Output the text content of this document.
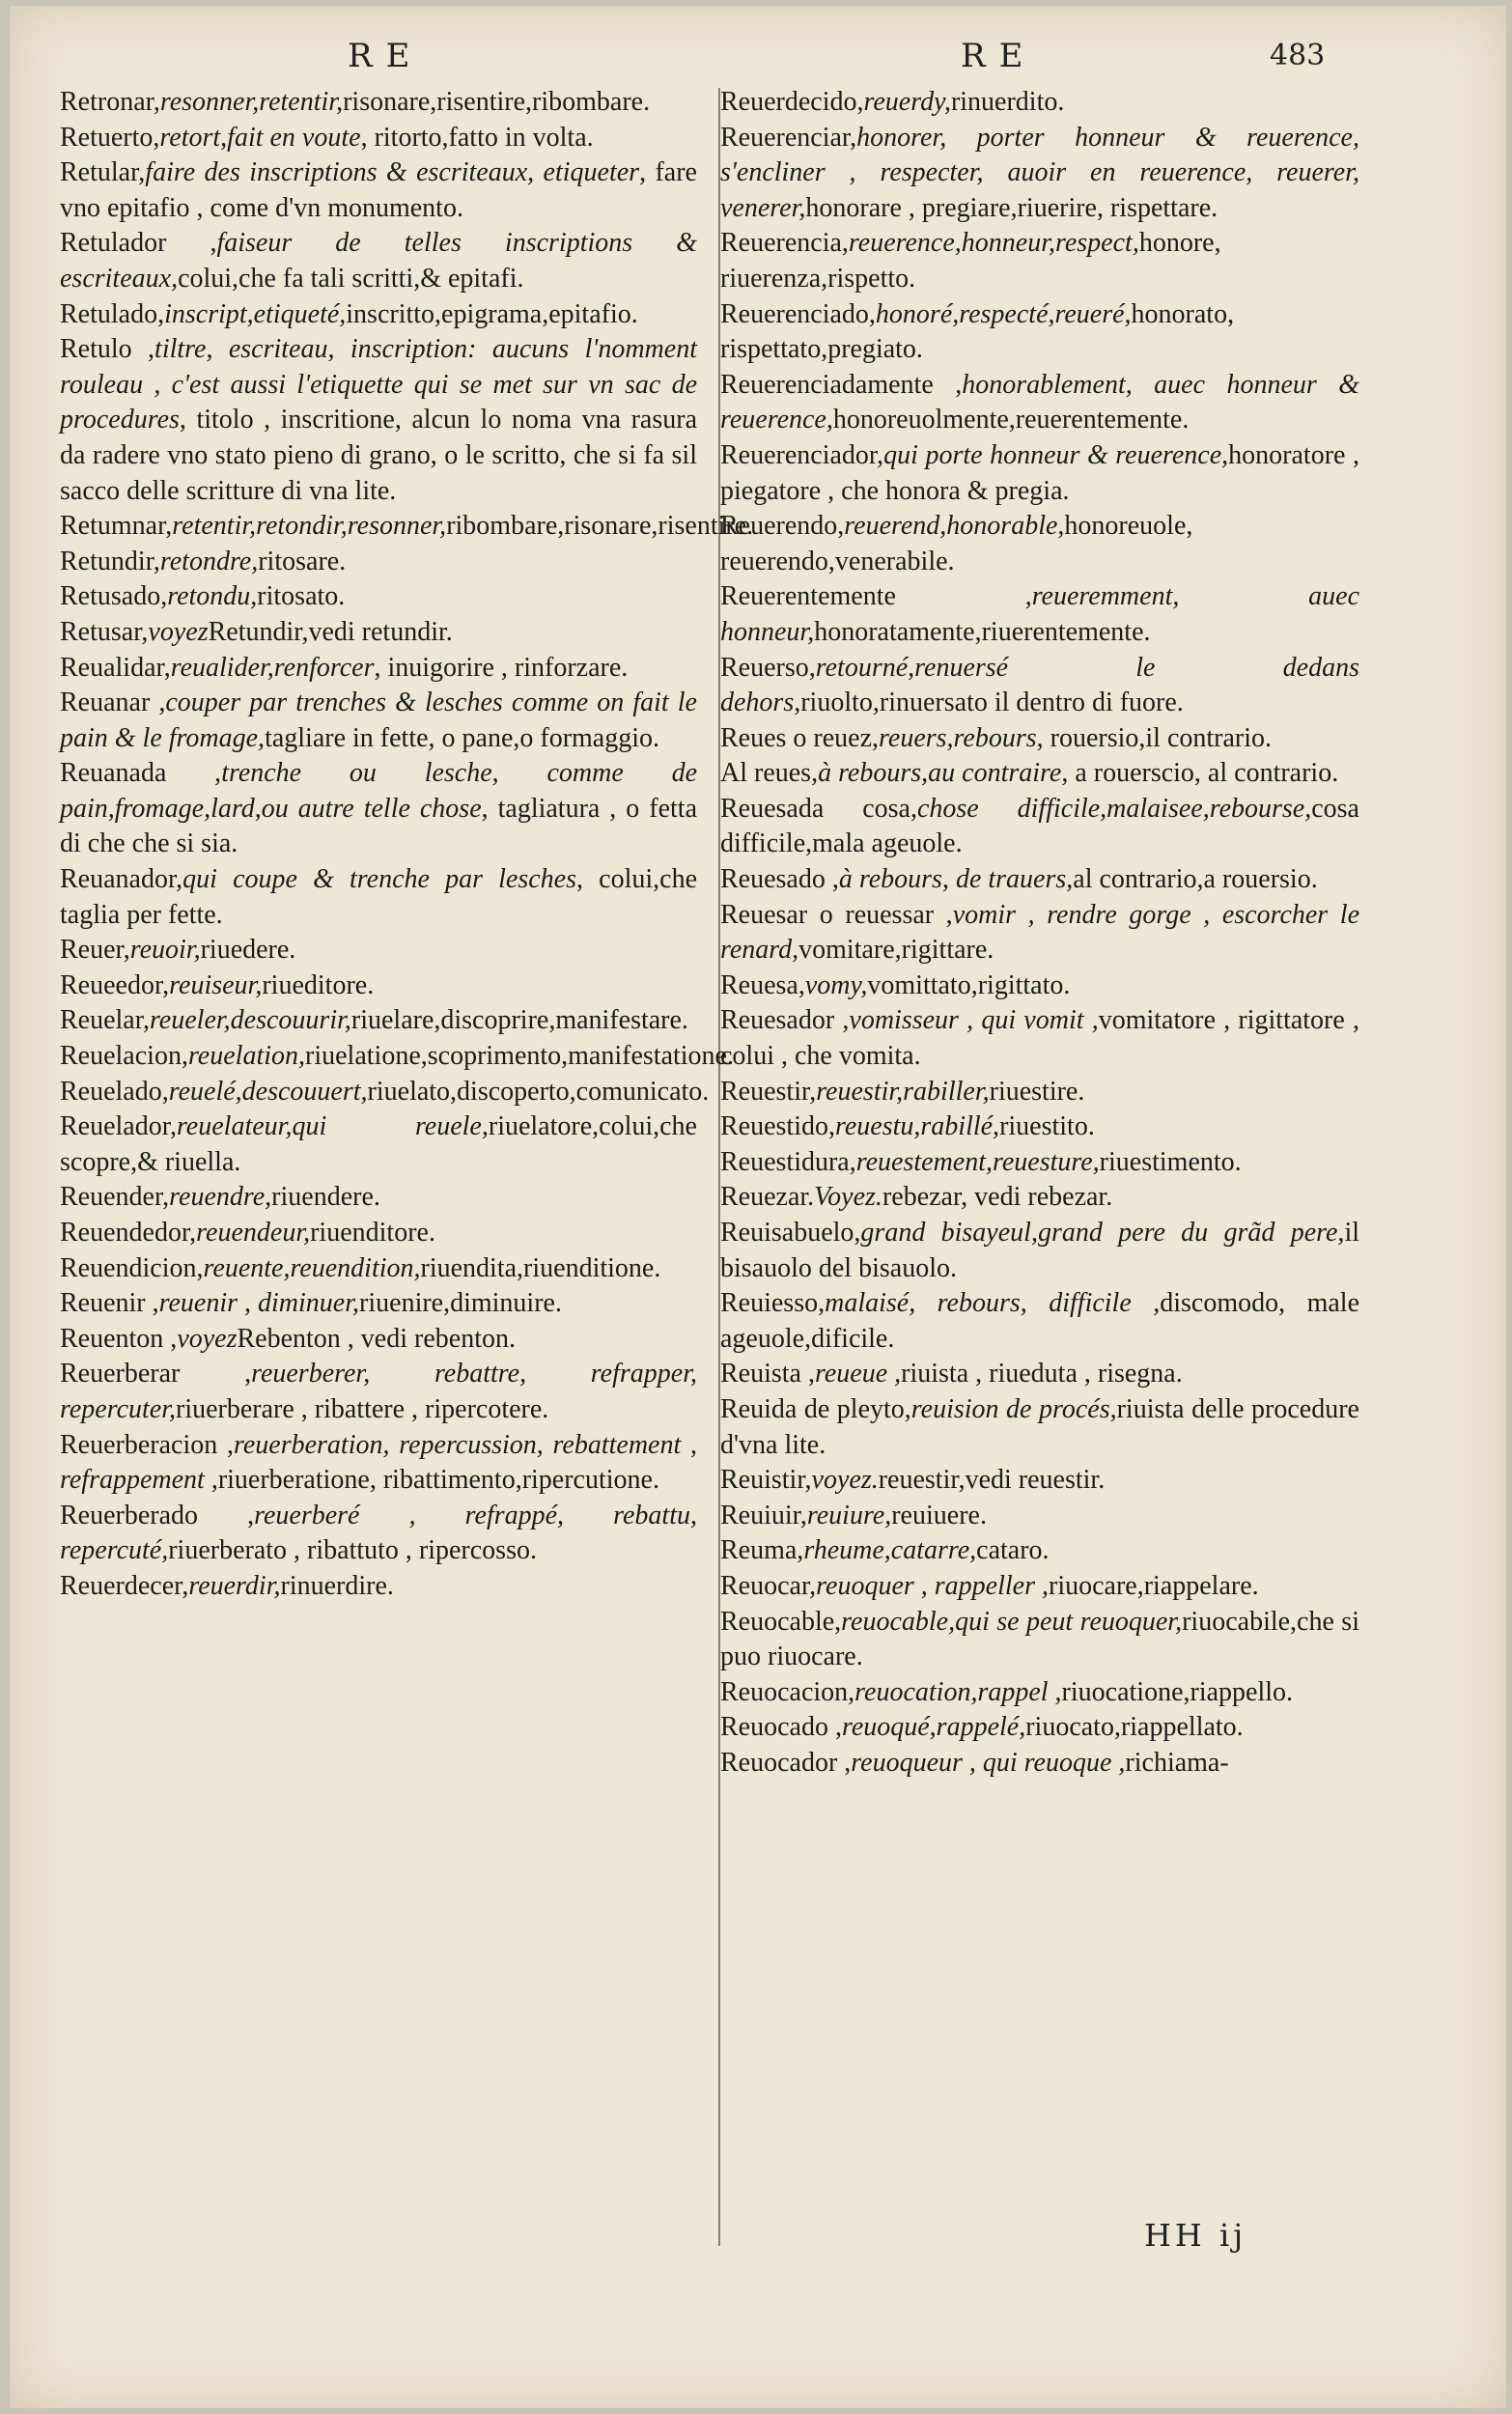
RE	RE	483

Retronar,resonner,retentir,risonare,risentire,ribombare.

Retuerto,retort,fait en voute, ritorto,fatto in volta.

Retular,faire des inscriptions & escriteaux, etiqueter, fare vno epitafio , come d'vn monumento.

Retulador ,faiseur de telles inscriptions & escriteaux,colui,che fa tali scritti,& epitafi.

Retulado,inscript,etiqueté,inscritto,epigrama,epitafio.

Retulo ,tiltre, escriteau, inscription: aucuns l'nomment rouleau , c'est aussi l'etiquette qui se met sur vn sac de procedures, titolo , inscritione, alcun lo noma vna rasura da radere vno stato pieno di grano, o le scritto, che si fa sil sacco delle scritture di vna lite.

Retumnar,retentir,retondir,resonner,ribombare,risonare,risentire.

Retundir,retondre,ritosare.

Retusado,retondu,ritosato.

Retusar,voyezRetundir,vedi retundir.

Reualidar,reualider,renforcer, inuigorire , rinforzare.

Reuanar ,couper par trenches & lesches comme on fait le pain & le fromage,tagliare in fette, o pane,o formaggio.

Reuanada ,trenche ou lesche, comme de pain,fromage,lard,ou autre telle chose, tagliatura , o fetta di che che si sia.

Reuanador,qui coupe & trenche par lesches, colui,che taglia per fette.

Reuer,reuoir,riuedere.

Reueedor,reuiseur,riueditore.

Reuelar,reueler,descouurir,riuelare,discoprire,manifestare.

Reuelacion,reuelation,riuelatione,scoprimento,manifestatione.

Reuelado,reuelé,descouuert,riuelato,discoperto,comunicato.

Reuelador,reuelateur,qui reuele,riuelatore,colui,che scopre,& riuella.

Reuender,reuendre,riuendere.

Reuendedor,reuendeur,riuenditore.

Reuendicion,reuente,reuendition,riuendita,riuenditione.

Reuenir ,reuenir , diminuer,riuenire,diminuire.

Reuenton ,voyezRebenton , vedi rebenton.

Reuerberar ,reuerberer, rebattre, refrapper, repercuter,riuerberare , ribattere , ripercotere.

Reuerberacion ,reuerberation, repercussion, rebattement , refrappement ,riuerberatione, ribattimento,ripercutione.

Reuerberado ,reuerberé , refrappé, rebattu, repercuté,riuerberato , ribattuto , ripercosso.

Reuerdecer,reuerdir,rinuerdire.

Reuerdecido,reuerdy,rinuerdito.

Reuerenciar,honorer, porter honneur & reuerence, s'encliner , respecter, auoir en reuerence, reuerer, venerer,honorare , pregiare,riuerire, rispettare.

Reuerencia,reuerence,honneur,respect,honore, riuerenza,rispetto.

Reuerenciado,honoré,respecté,reueré,honorato, rispettato,pregiato.

Reuerenciadamente ,honorablement, auec honneur & reuerence,honoreuolmente,reuerentemente.

Reuerenciador,qui porte honneur & reuerence,honoratore , piegatore , che honora & pregia.

Reuerendo,reuerend,honorable,honoreuole, reuerendo,venerabile.

Reuerentemente ,reueremment, auec honneur,honoratamente,riuerentemente.

Reuerso,retourné,renuersé le dedans dehors,riuolto,rinuersato il dentro di fuore.

Reues o reuez,reuers,rebours, rouersio,il contrario.

Al reues,à rebours,au contraire, a rouerscio, al contrario.

Reuesada cosa,chose difficile,malaisee,rebourse,cosa difficile,mala ageuole.

Reuesado ,à rebours, de trauers,al contrario,a rouersio.

Reuesar o reuessar ,vomir , rendre gorge , escorcher le renard,vomitare,rigittare.

Reuesa,vomy,vomittato,rigittato.

Reuesador ,vomisseur , qui vomit ,vomitatore , rigittatore , colui , che vomita.

Reuestir,reuestir,rabiller,riuestire.

Reuestido,reuestu,rabillé,riuestito.

Reuestidura,reuestement,reuesture,riuestimento.

Reuezar.Voyez.rebezar, vedi rebezar.

Reuisabuelo,grand bisayeul,grand pere du grãd pere,il bisauolo del bisauolo.

Reuiesso,malaisé, rebours, difficile ,discomodo, male ageuole,dificile.

Reuista ,reueue ,riuista , riueduta , risegna.

Reuida de pleyto,reuision de procés,riuista delle procedure d'vna lite.

Reuistir,voyez.reuestir,vedi reuestir.

Reuiuir,reuiure,reuiuere.

Reuma,rheume,catarre,cataro.

Reuocar,reuoquer , rappeller ,riuocare,riappelare.

Reuocable,reuocable,qui se peut reuoquer,riuocabile,che si puo riuocare.

Reuocacion,reuocation,rappel ,riuocatione,riappello.

Reuocado ,reuoqué,rappelé,riuocato,riappellato.

Reuocador ,reuoqueur , qui reuoque ,richiama-

HH ij
